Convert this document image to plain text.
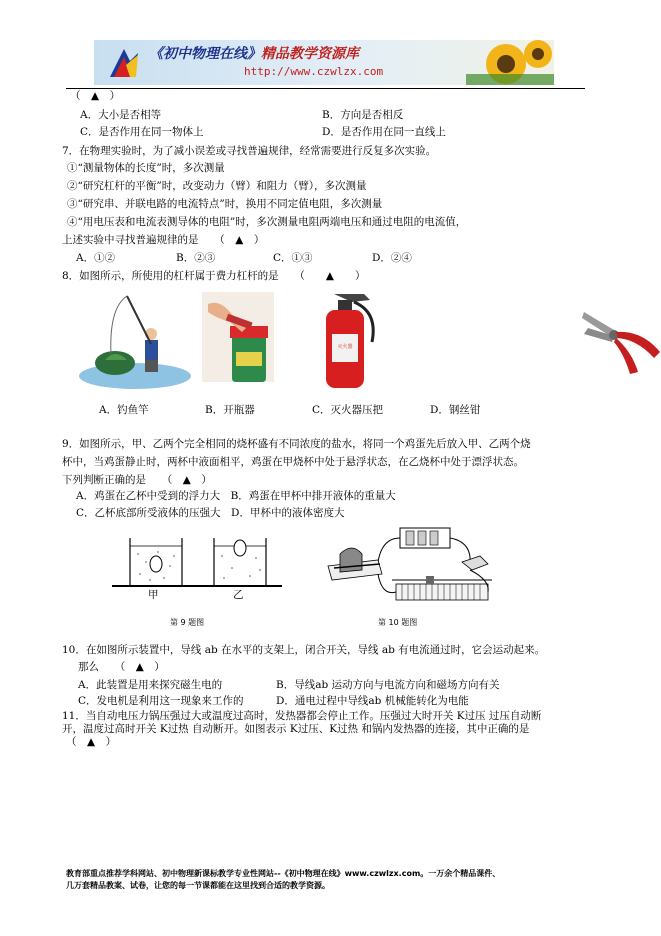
《初中物理在线》精品教学资源库
http://www.czwlzx.com
（　▲　）
A．大小是否相等	B．方向是否相反
C．是否作用在同一物体上	D．是否作用在同一直线上
7．在物理实验时，为了减小误差或寻找普遍规律，经常需要进行反复多次实验。
①“测量物体的长度”时，多次测量
②“研究杠杆的平衡”时，改变动力（臂）和阻力（臂），多次测量
③“研究串、并联电路的电流特点”时，换用不同定值电阻，多次测量
④“用电压表和电流表测导体的电阻”时，多次测量电阻两端电压和通过电阻的电流值，
上述实验中寻找普遍规律的是　　（　▲　）
A．①②	B．②③	C．①③	D．②④
8．如图所示，所使用的杠杆属于费力杠杆的是　　（　　▲　　）
灭火器
A．钓鱼竿	B．开瓶器	C．灭火器压把	D．钢丝钳
9．如图所示，甲、乙两个完全相同的烧杯盛有不同浓度的盐水，将同一个鸡蛋先后放入甲、乙两个烧
杯中，当鸡蛋静止时，两杯中液面相平，鸡蛋在甲烧杯中处于悬浮状态，在乙烧杯中处于漂浮状态。
下列判断正确的是　　（　▲　）
A．鸡蛋在乙杯中受到的浮力大　B．鸡蛋在甲杯中排开液体的重量大
C．乙杯底部所受液体的压强大　D．甲杯中的液体密度大
甲	乙
第 9 题图	第 10 题图
10．在如图所示装置中，导线 ab 在水平的支架上，闭合开关，导线 ab 有电流通过时，它会运动起来。
那么　　（　▲　）
A．此装置是用来探究磁生电的	B．导线ab 运动方向与电流方向和磁场方向有关
C．发电机是利用这一现象来工作的	D．通电过程中导线ab 机械能转化为电能
11．当自动电压力锅压强过大或温度过高时，发热器都会停止工作。压强过大时开关 K过压 过压自动断
开，温度过高时开关 K过热 自动断开。如图表示 K过压、K过热 和锅内发热器的连接，其中正确的是
（　▲　）
教育部重点推荐学科网站、初中物理新课标教学专业性网站--《初中物理在线》www.czwlzx.com。一万余个精品课件、
几万套精品教案、试卷，让您的每一节课都能在这里找到合适的教学资源。
